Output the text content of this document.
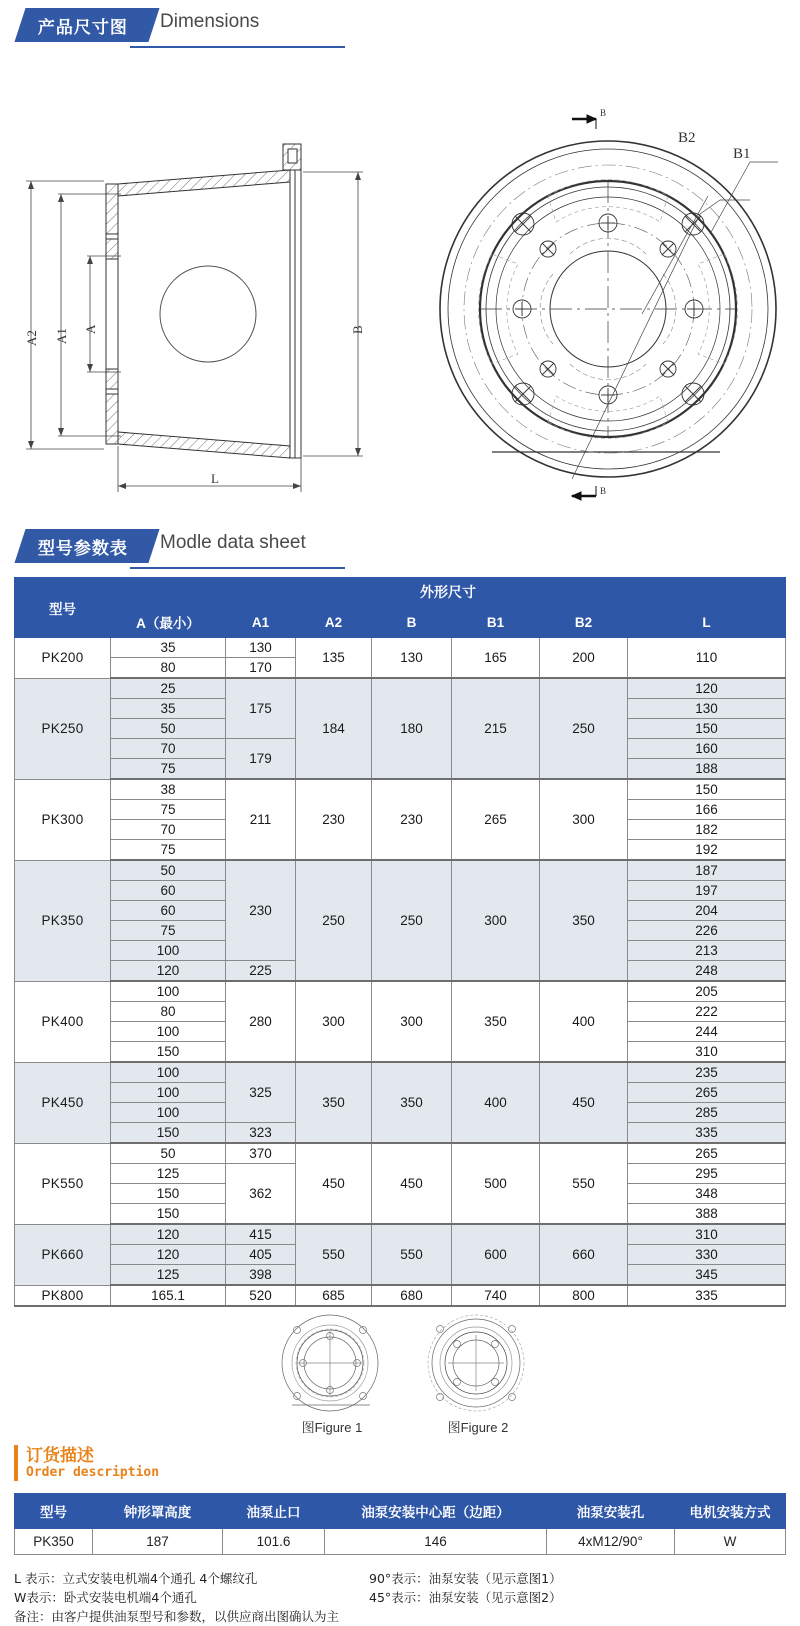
产品尺寸图 Dimensions
A2 A1 A	B
L
B
B
B2
B1
型号参数表 Modle data sheet
型号	外形尺寸						
	A（最小）	A1	A2	B	B1	B2	L
PK200	35	130	135	130	165	200	110
	80	170					
PK250	25	175	184	180	215	250	120
	35						130
	50						150
	70	179					160
	75						188
PK300	38	211	230	230	265	300	150
	75						166
	70						182
	75						192
PK350	50	230	250	250	300	350	187
	60						197
	60						204
	75						226
	100						213
	120	225					248
PK400	100	280	300	300	350	400	205
	80						222
	100						244
	150						310
PK450	100	325	350	350	400	450	235
	100						265
	100						285
	150	323					335
PK550	50	370	450	450	500	550	265
	125	362					295
	150						348
	150						388
PK660	120	415	550	550	600	660	310
	120	405					330
	125	398					345
PK800	165.1	520	685	680	740	800	335
图Figure 1	图Figure 2
订货描述
Order description
型号	钟形罩高度	油泵止口	油泵安装中心距（边距）	油泵安装孔	电机安装方式
PK350	187	101.6	146	4xM12/90°	W
L 表示：立式安装电机端4个通孔 4个螺纹孔
W表示：卧式安装电机端4个通孔
备注：由客户提供油泵型号和参数，以供应商出图确认为主
90°表示：油泵安装（见示意图1）
45°表示：油泵安装（见示意图2）
